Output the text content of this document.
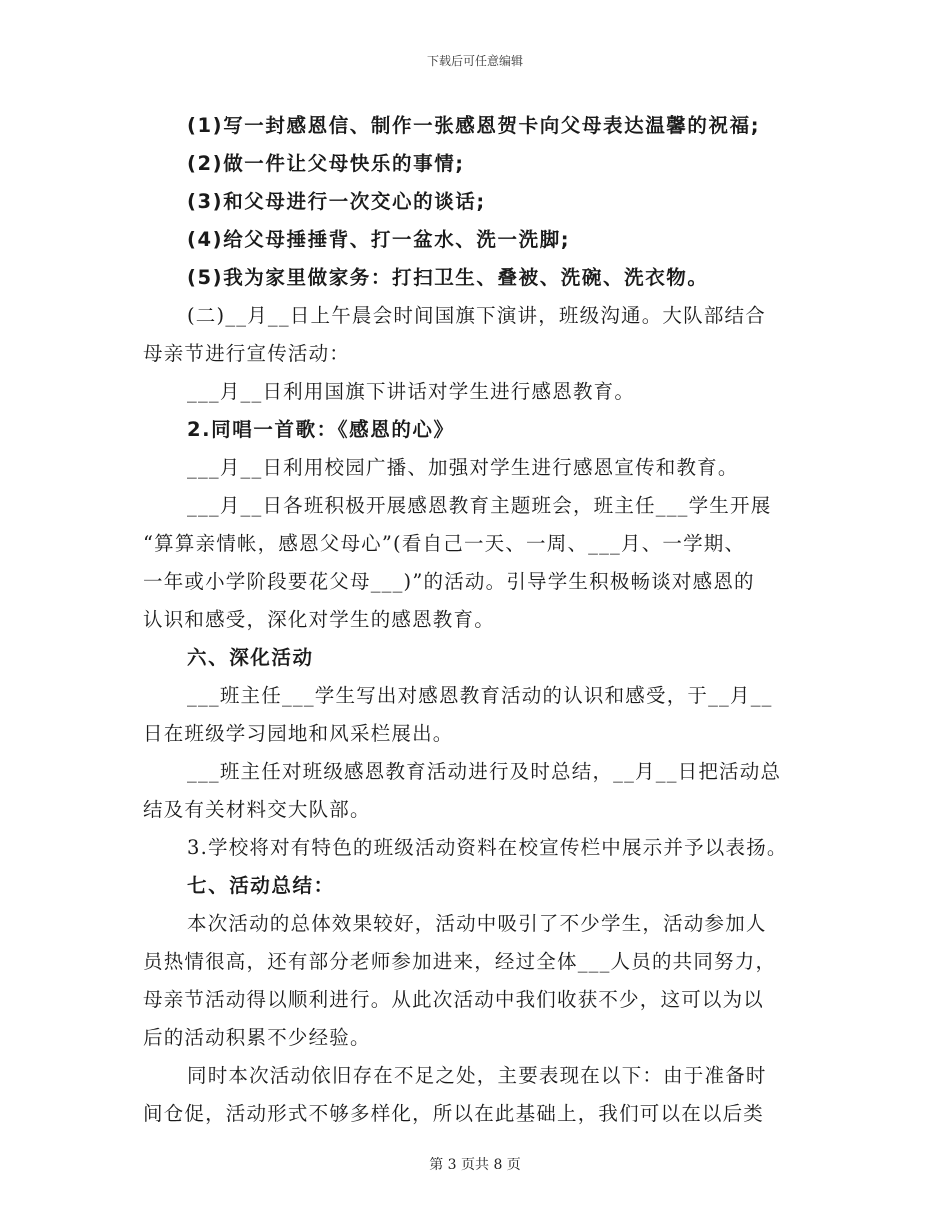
下载后可任意编辑
(1)写一封感恩信、制作一张感恩贺卡向父母表达温馨的祝福;
(2)做一件让父母快乐的事情;
(3)和父母进行一次交心的谈话;
(4)给父母捶捶背、打一盆水、洗一洗脚;
(5)我为家里做家务：打扫卫生、叠被、洗碗、洗衣物。
(二)__月__日上午晨会时间国旗下演讲，班级沟通。大队部结合
母亲节进行宣传活动：
___月__日利用国旗下讲话对学生进行感恩教育。
2.同唱一首歌：《感恩的心》
___月__日利用校园广播、加强对学生进行感恩宣传和教育。
___月__日各班积极开展感恩教育主题班会，班主任___学生开展
“算算亲情帐，感恩父母心”(看自己一天、一周、___月、一学期、
一年或小学阶段要花父母___)”的活动。引导学生积极畅谈对感恩的
认识和感受，深化对学生的感恩教育。
六、深化活动
___班主任___学生写出对感恩教育活动的认识和感受，于__月__
日在班级学习园地和风采栏展出。
___班主任对班级感恩教育活动进行及时总结，__月__日把活动总
结及有关材料交大队部。
3.学校将对有特色的班级活动资料在校宣传栏中展示并予以表扬。
七、活动总结：
本次活动的总体效果较好，活动中吸引了不少学生，活动参加人
员热情很高，还有部分老师参加进来，经过全体___人员的共同努力，
母亲节活动得以顺利进行。从此次活动中我们收获不少，这可以为以
后的活动积累不少经验。
同时本次活动依旧存在不足之处，主要表现在以下：由于准备时
间仓促，活动形式不够多样化，所以在此基础上，我们可以在以后类
第 3 页共 8 页
